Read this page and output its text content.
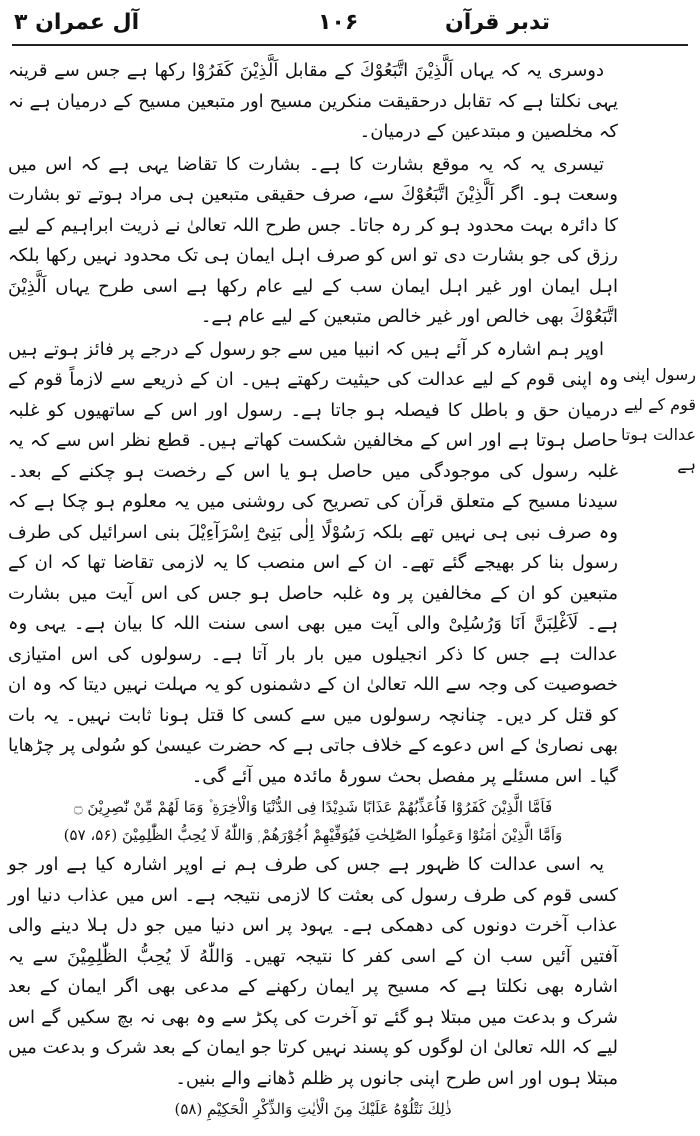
آل عمران ۳	۱۰۶	تدبر قرآن

دوسری یہ کہ یہاں اَلَّذِیْنَ اتَّبَعُوْكَ کے مقابل اَلَّذِیْنَ كَفَرُوْا رکھا ہے جس سے قرینہ یہی نکلتا ہے کہ تقابل درحقیقت منکرین مسیح اور متبعین مسیح کے درمیان ہے نہ کہ مخلصین و مبتدعین کے درمیان۔

تیسری یہ کہ یہ موقع بشارت کا ہے۔ بشارت کا تقاضا یہی ہے کہ اس میں وسعت ہو۔ اگر اَلَّذِیْنَ اتَّبَعُوْكَ سے، صرف حقیقی متبعین ہی مراد ہوتے تو بشارت کا دائرہ بہت محدود ہو کر رہ جاتا۔ جس طرح اللہ تعالیٰ نے ذریت ابراہیم کے لیے رزق کی جو بشارت دی تو اس کو صرف اہل ایمان ہی تک محدود نہیں رکھا بلکہ اہل ایمان اور غیر اہل ایمان سب کے لیے عام رکھا ہے اسی طرح یہاں اَلَّذِیْنَ اتَّبَعُوْكَ بھی خالص اور غیر خالص متبعین کے لیے عام ہے۔

اوپر ہم اشارہ کر آئے ہیں کہ انبیا میں سے جو رسول کے درجے پر فائز ہوتے ہیں وہ اپنی قوم کے لیے عدالت کی حیثیت رکھتے ہیں۔ ان کے ذریعے سے لازماً قوم کے درمیان حق و باطل کا فیصلہ ہو جاتا ہے۔ رسول اور اس کے ساتھیوں کو غلبہ حاصل ہوتا ہے اور اس کے مخالفین شکست کھاتے ہیں۔ قطع نظر اس سے کہ یہ غلبہ رسول کی موجودگی میں حاصل ہو یا اس کے رخصت ہو چکنے کے بعد۔ سیدنا مسیح کے متعلق قرآن کی تصریح کی روشنی میں یہ معلوم ہو چکا ہے کہ وہ صرف نبی ہی نہیں تھے بلکہ رَسُوْلًا اِلٰى بَنِیْٓ اِسْرَآءِیْلَ بنی اسرائیل کی طرف رسول بنا کر بھیجے گئے تھے۔ ان کے اس منصب کا یہ لازمی تقاضا تھا کہ ان کے متبعین کو ان کے مخالفین پر وہ غلبہ حاصل ہو جس کی اس آیت میں بشارت ہے۔ لَاَغْلِبَنَّ اَنَا وَرُسُلِیْ والی آیت میں بھی اسی سنت اللہ کا بیان ہے۔ یہی وہ عدالت ہے جس کا ذکر انجیلوں میں بار بار آتا ہے۔ رسولوں کی اس امتیازی خصوصیت کی وجہ سے اللہ تعالیٰ ان کے دشمنوں کو یہ مہلت نہیں دیتا کہ وہ ان کو قتل کر دیں۔ چنانچہ رسولوں میں سے کسی کا قتل ہونا ثابت نہیں۔ یہ بات بھی نصاریٰ کے اس دعوے کے خلاف جاتی ہے کہ حضرت عیسیٰ کو سُولی پر چڑھایا گیا۔ اس مسئلے پر مفصل بحث سورۂ مائدہ میں آئے گی۔

فَاَمَّا الَّذِیْنَ كَفَرُوْا فَاُعَذِّبُهُمْ عَذَابًا شَدِیْدًا فِی الدُّنْیَا وَالْاٰخِرَةِ ۫ وَمَا لَهُمْ مِّنْ نّٰصِرِیْنَ ۝

وَاَمَّا الَّذِیْنَ اٰمَنُوْا وَعَمِلُوا الصّٰلِحٰتِ فَیُوَفِّیْهِمْ اُجُوْرَهُمْ ۭ وَاللّٰهُ لَا یُحِبُّ الظّٰلِمِیْنَ (۵۶، ۵۷)

یہ اسی عدالت کا ظہور ہے جس کی طرف ہم نے اوپر اشارہ کیا ہے اور جو کسی قوم کی طرف رسول کی بعثت کا لازمی نتیجہ ہے۔ اس میں عذاب دنیا اور عذاب آخرت دونوں کی دھمکی ہے۔ یہود پر اس دنیا میں جو دل ہلا دینے والی آفتیں آئیں سب ان کے اسی کفر کا نتیجہ تھیں۔ وَاللّٰهُ لَا یُحِبُّ الظّٰلِمِیْنَ سے یہ اشارہ بھی نکلتا ہے کہ مسیح پر ایمان رکھنے کے مدعی بھی اگر ایمان کے بعد شرک و بدعت میں مبتلا ہو گئے تو آخرت کی پکڑ سے وہ بھی نہ بچ سکیں گے اس لیے کہ اللہ تعالیٰ ان لوگوں کو پسند نہیں کرتا جو ایمان کے بعد شرک و بدعت میں مبتلا ہوں اور اس طرح اپنی جانوں پر ظلم ڈھانے والے بنیں۔

ذٰلِكَ نَتْلُوْهُ عَلَیْكَ مِنَ الْاٰیٰتِ وَالذِّكْرِ الْحَكِیْمِ (۵۸)

رسول اپنی
قوم کے لیے
عدالت ہوتا
ہے
